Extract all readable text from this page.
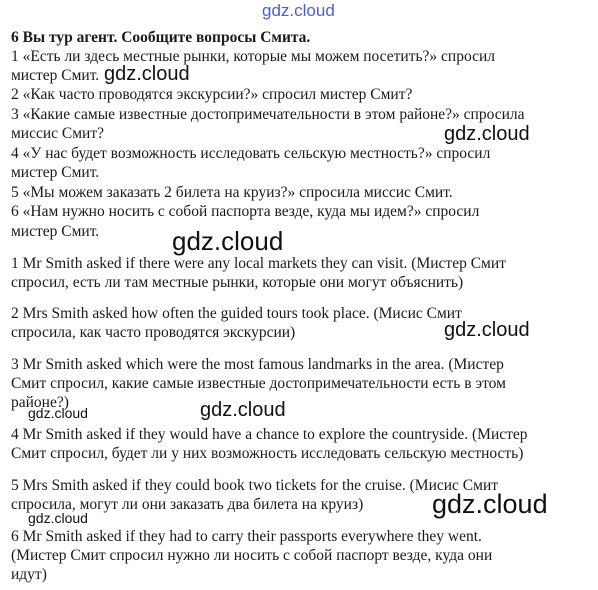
gdz.cloud
6 Вы тур агент. Сообщите вопросы Смита.
1 «Есть ли здесь местные рынки, которые мы можем посетить?» спросил
мистер Смит.
2 «Как часто проводятся экскурсии?» спросил мистер Смит?
3 «Какие самые известные достопримечательности в этом районе?» спросила
миссис Смит?
4 «У нас будет возможность исследовать сельскую местность?» спросил
мистер Смит.
5 «Мы можем заказать 2 билета на круиз?» спросила миссис Смит.
6 «Нам нужно носить с собой паспорта везде, куда мы идем?» спросил
мистер Смит.
1 Mr Smith asked if there were any local markets they can visit. (Мистер Смит
спросил, есть ли там местные рынки, которые они могут объяснить)
2 Mrs Smith asked how often the guided tours took place. (Мисис Смит
спросила, как часто проводятся экскурсии)
3 Mr Smith asked which were the most famous landmarks in the area. (Мистер
Смит спросил, какие самые известные достопримечательности есть в этом
районе?)
4 Mr Smith asked if they would have a chance to explore the countryside. (Мистер
Смит спросил, будет ли у них возможность исследовать сельскую местность)
5 Mrs Smith asked if they could book two tickets for the cruise. (Мисис Смит
спросила, могут ли они заказать два билета на круиз)
6 Mr Smith asked if they had to carry their passports everywhere they went.
(Мистер Смит спросил нужно ли носить с собой паспорт везде, куда они
идут)
gdz.cloud
gdz.cloud
gdz.cloud
gdz.cloud
gdz.cloud
gdz.cloud
gdz.cloud
gdz.cloud
